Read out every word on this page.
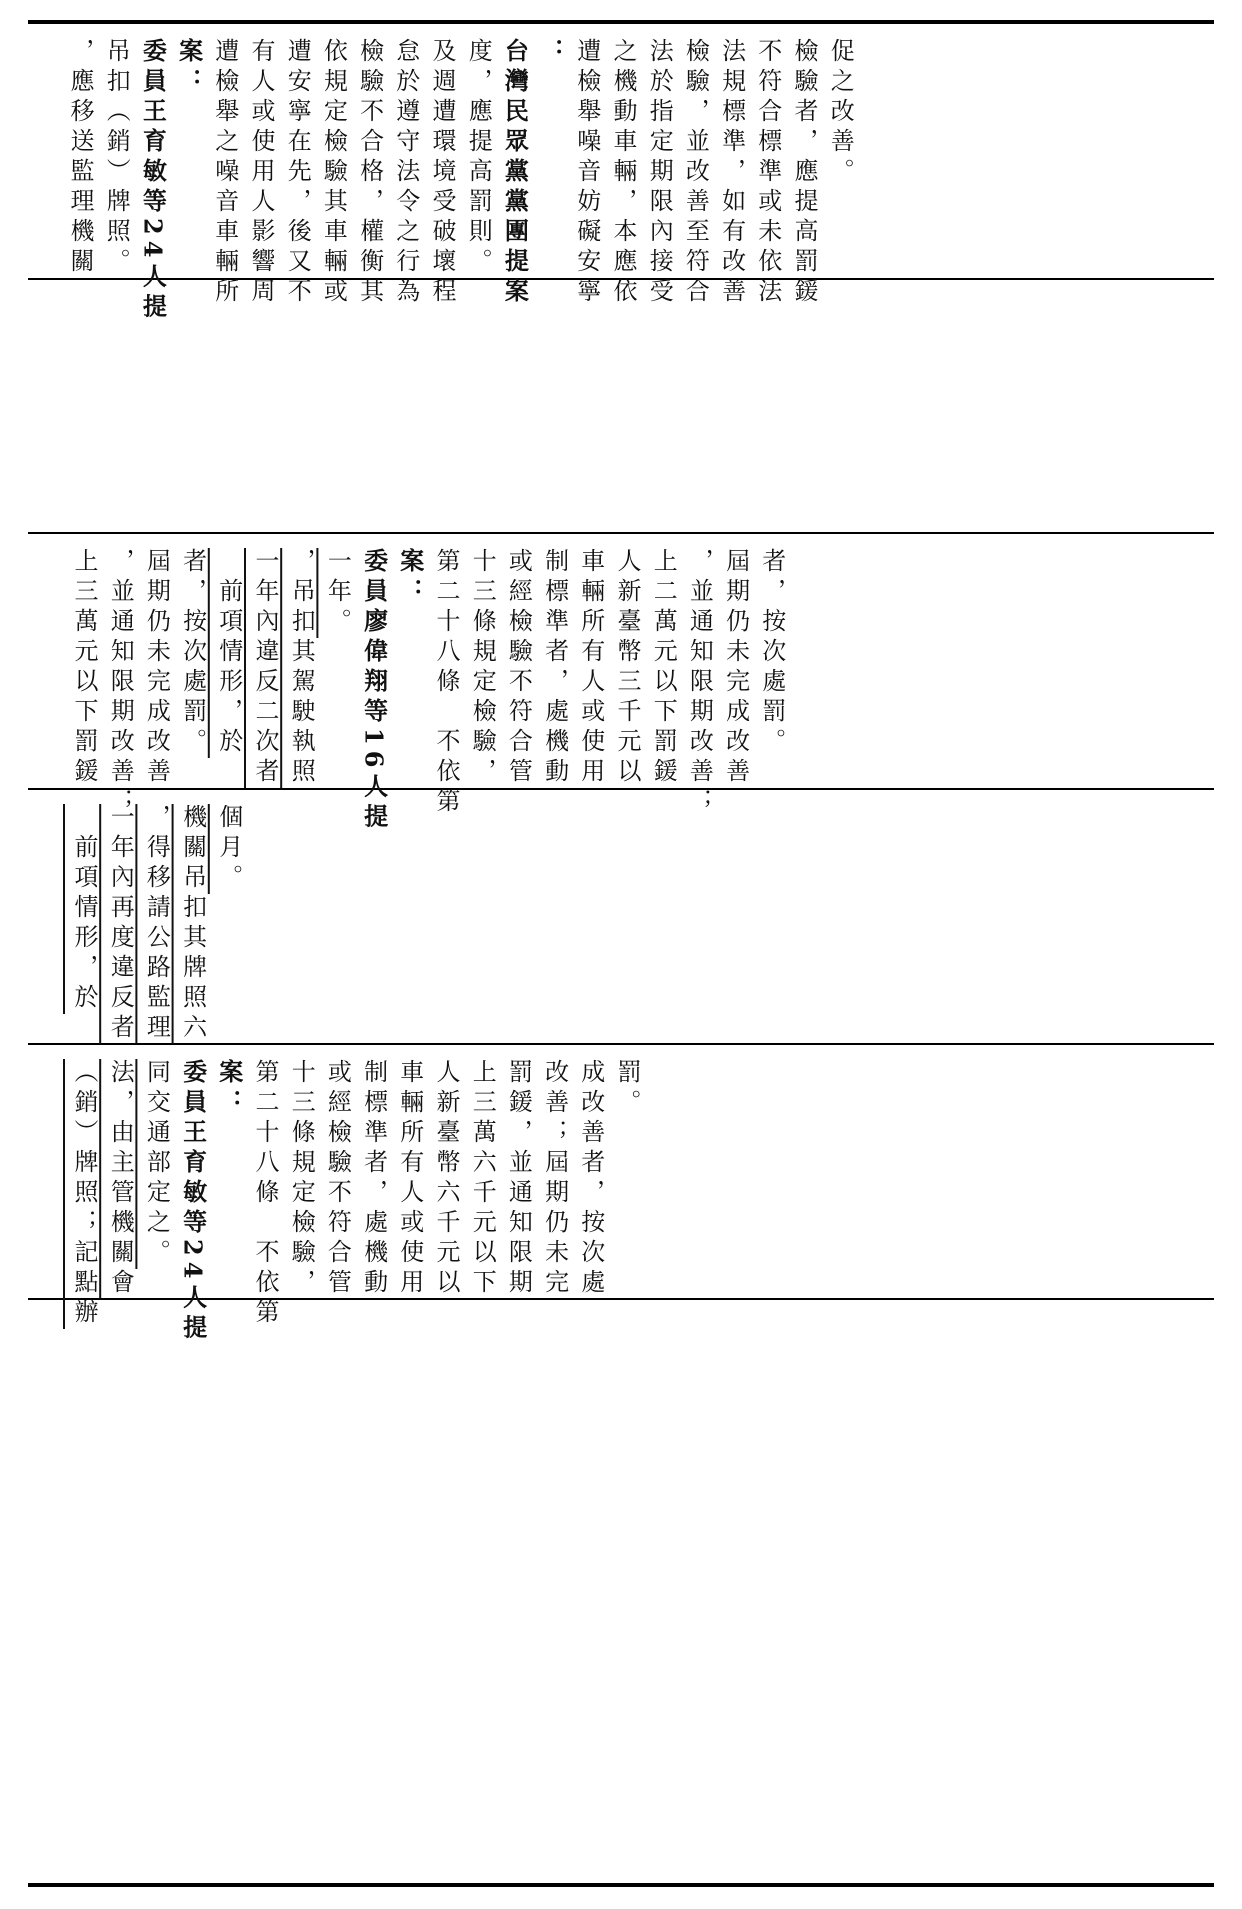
，應移送監理機關 吊扣（銷）牌照。 委員王育敏等24人提 案： 遭檢舉之噪音車輛所 有人或使用人影響周 遭安寧在先，後又不 依規定檢驗其車輛或 檢驗不合格，權衡其 怠於遵守法令之行為 及週遭環境受破壞程 度，應提高罰則。 台灣民眾黨黨團提案 ： 遭檢舉噪音妨礙安寧 之機動車輛，本應依 法於指定期限內接受 檢驗，並改善至符合 法規標準，如有改善 不符合標準或未依法 檢驗者，應提高罰鍰 促之改善。
上三萬元以下罰鍰 ，並通知限期改善； 屆期仍未完成改善 者，按次處罰。 　前項情形，於 一年內違反二次者 ，吊扣其駕駛執照 一年。 委員廖偉翔等16人提 案： 第二十八條　不依第 十三條規定檢驗， 或經檢驗不符合管 制標準者，處機動 車輛所有人或使用 人新臺幣三千元以 上二萬元以下罰鍰 ，並通知限期改善； 屆期仍未完成改善 者，按次處罰。
　前項情形，於 一年內再度違反者 ，得移請公路監理 機關吊扣其牌照六 個月。
（銷）牌照；記點辦 法，由主管機關會 同交通部定之。 委員王育敏等24人提 案： 第二十八條　不依第 十三條規定檢驗， 或經檢驗不符合管 制標準者，處機動 車輛所有人或使用 人新臺幣六千元以 上三萬六千元以下 罰鍰，並通知限期 改善；屆期仍未完 成改善者，按次處 罰。
